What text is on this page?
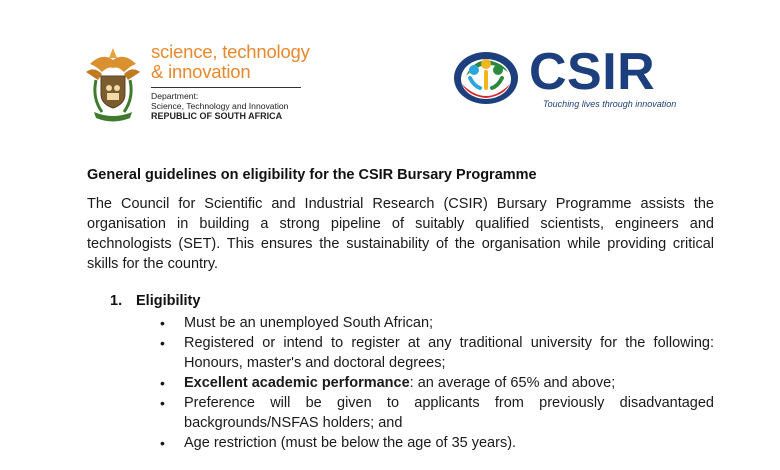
science, technology
& innovation
Department:
Science, Technology and Innovation
REPUBLIC OF SOUTH AFRICA
CSIR
Touching lives through innovation
General guidelines on eligibility for the CSIR Bursary Programme
The Council for Scientific and Industrial Research (CSIR) Bursary Programme assists the organisation in building a strong pipeline of suitably qualified scientists, engineers and technologists (SET). This ensures the sustainability of the organisation while providing critical skills for the country.
1. Eligibility
• Must be an unemployed South African;
• Registered or intend to register at any traditional university for the following: Honours, master's and doctoral degrees;
• Excellent academic performance: an average of 65% and above;
• Preference will be given to applicants from previously disadvantaged backgrounds/NSFAS holders; and
• Age restriction (must be below the age of 35 years).
